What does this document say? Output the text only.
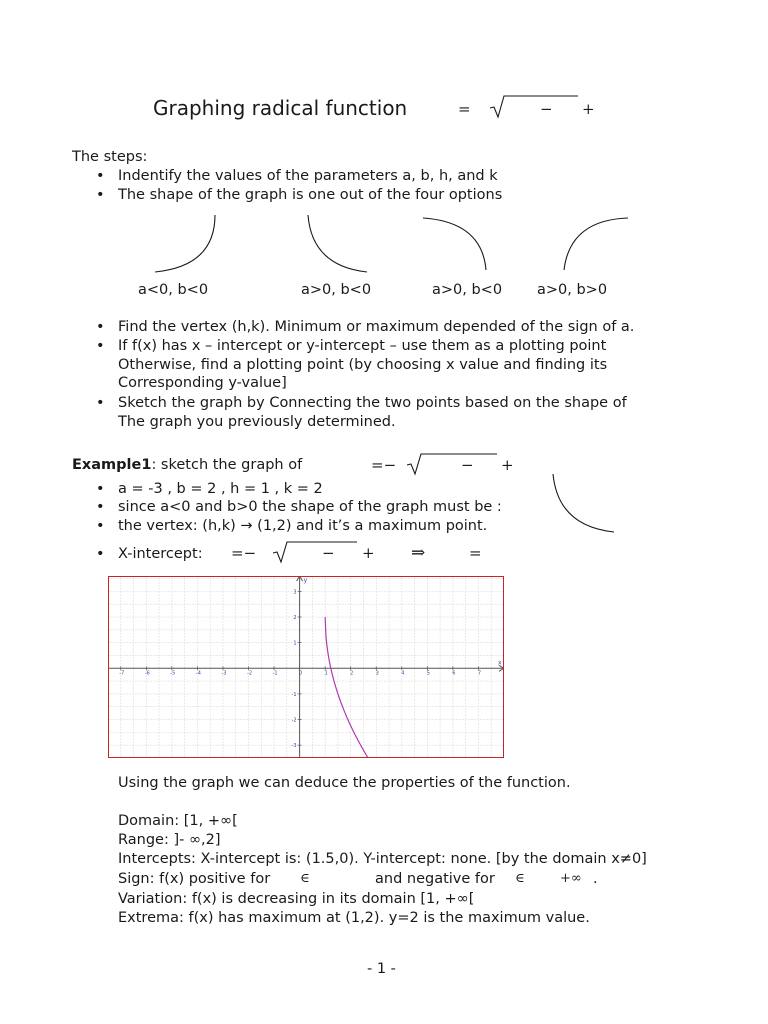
Graphing radical function	=	− +
The steps:
• Indentify the values of the parameters a, b, h, and k
• The shape of the graph is one out of the four options
a<0, b<0	a>0, b<0	a>0, b<0 a>0, b>0
• Find the vertex (h,k). Minimum or maximum depended of the sign of a.
• If f(x) has x – intercept or y-intercept – use them as a plotting point
Otherwise, find a plotting point (by choosing x value and finding its
Corresponding y-value]
• Sketch the graph by Connecting the two points based on the shape of
The graph you previously determined.
Example1: sketch the graph of	=−	− +
• a = -3 , b = 2 , h = 1 , k = 2
• since a<0 and b>0 the shape of the graph must be :
• the vertex: (h,k) → (1,2) and it’s a maximum point.
• X-intercept: =−	− + ⇒	=
x
y
-7	-6	-5	-4	-3	-2	-1	0	1	2	3	4	5	6	7
3
2
1
-1
-2
-3
Using the graph we can deduce the properties of the function.
Domain: [1, +∞[
Range: ]- ∞,2]
Intercepts: X-intercept is: (1.5,0). Y-intercept: none. [by the domain x≠0]
Sign: f(x) positive for ∈	and negative for ∈	+∞ .
Variation: f(x) is decreasing in its domain [1, +∞[
Extrema: f(x) has maximum at (1,2). y=2 is the maximum value.
- 1 -
